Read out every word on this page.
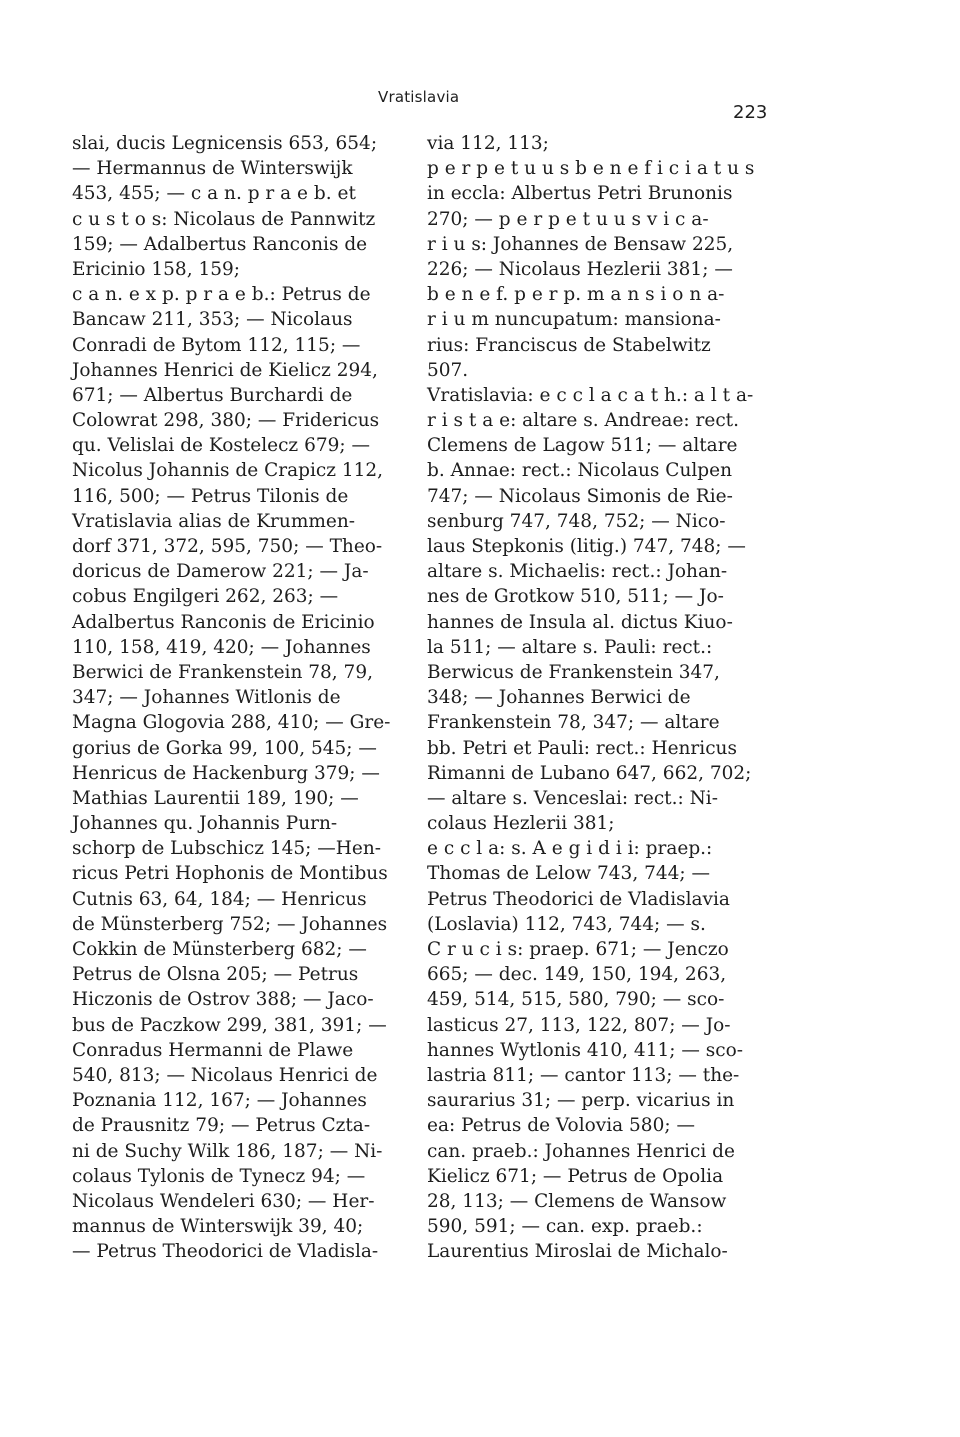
Vratislavia
223
slai, ducis Legnicensis 653, 654;
— Hermannus de Winterswijk
453, 455; — c a n. p r a e b. et
c u s t o s: Nicolaus de Pannwitz
159; — Adalbertus Ranconis de
Ericinio 158, 159;
c a n. e x p. p r a e b.: Petrus de
Bancaw 211, 353; — Nicolaus
Conradi de Bytom 112, 115; —
Johannes Henrici de Kielicz 294,
671; — Albertus Burchardi de
Colowrat 298, 380; — Fridericus
qu. Velislai de Kostelecz 679; —
Nicolus Johannis de Crapicz 112,
116, 500; — Petrus Tilonis de
Vratislavia alias de Krummen-
dorf 371, 372, 595, 750; — Theo-
doricus de Damerow 221; — Ja-
cobus Engilgeri 262, 263; —
Adalbertus Ranconis de Ericinio
110, 158, 419, 420; — Johannes
Berwici de Frankenstein 78, 79,
347; — Johannes Witlonis de
Magna Glogovia 288, 410; — Gre-
gorius de Gorka 99, 100, 545; —
Henricus de Hackenburg 379; —
Mathias Laurentii 189, 190; —
Johannes qu. Johannis Purn-
schorp de Lubschicz 145; —Hen-
ricus Petri Hophonis de Montibus
Cutnis 63, 64, 184; — Henricus
de Münsterberg 752; — Johannes
Cokkin de Münsterberg 682; —
Petrus de Olsna 205; — Petrus
Hiczonis de Ostrov 388; — Jaco-
bus de Paczkow 299, 381, 391; —
Conradus Hermanni de Plawe
540, 813; — Nicolaus Henrici de
Poznania 112, 167; — Johannes
de Prausnitz 79; — Petrus Czta-
ni de Suchy Wilk 186, 187; — Ni-
colaus Tylonis de Tynecz 94; —
Nicolaus Wendeleri 630; — Her-
mannus de Winterswijk 39, 40;
— Petrus Theodorici de Vladisla-
via 112, 113;
p e r p e t u u s b e n e f i c i a t u s
in eccla: Albertus Petri Brunonis
270; — p e r p e t u u s v i c a-
r i u s: Johannes de Bensaw 225,
226; — Nicolaus Hezlerii 381; —
b e n e f. p e r p. m a n s i o n a-
r i u m nuncupatum: mansiona-
rius: Franciscus de Stabelwitz
507.
Vratislavia: e c c l a c a t h.: a l t a-
r i s t a e: altare s. Andreae: rect.
Clemens de Lagow 511; — altare
b. Annae: rect.: Nicolaus Culpen
747; — Nicolaus Simonis de Rie-
senburg 747, 748, 752; — Nico-
laus Stepkonis (litig.) 747, 748; —
altare s. Michaelis: rect.: Johan-
nes de Grotkow 510, 511; — Jo-
hannes de Insula al. dictus Kiuo-
la 511; — altare s. Pauli: rect.:
Berwicus de Frankenstein 347,
348; — Johannes Berwici de
Frankenstein 78, 347; — altare
bb. Petri et Pauli: rect.: Henricus
Rimanni de Lubano 647, 662, 702;
— altare s. Venceslai: rect.: Ni-
colaus Hezlerii 381;
e c c l a: s. A e g i d i i: praep.:
Thomas de Lelow 743, 744; —
Petrus Theodorici de Vladislavia
(Loslavia) 112, 743, 744; — s.
C r u c i s: praep. 671; — Jenczo
665; — dec. 149, 150, 194, 263,
459, 514, 515, 580, 790; — sco-
lasticus 27, 113, 122, 807; — Jo-
hannes Wytlonis 410, 411; — sco-
lastria 811; — cantor 113; — the-
saurarius 31; — perp. vicarius in
ea: Petrus de Volovia 580; —
can. praeb.: Johannes Henrici de
Kielicz 671; — Petrus de Opolia
28, 113; — Clemens de Wansow
590, 591; — can. exp. praeb.:
Laurentius Miroslai de Michalo-
